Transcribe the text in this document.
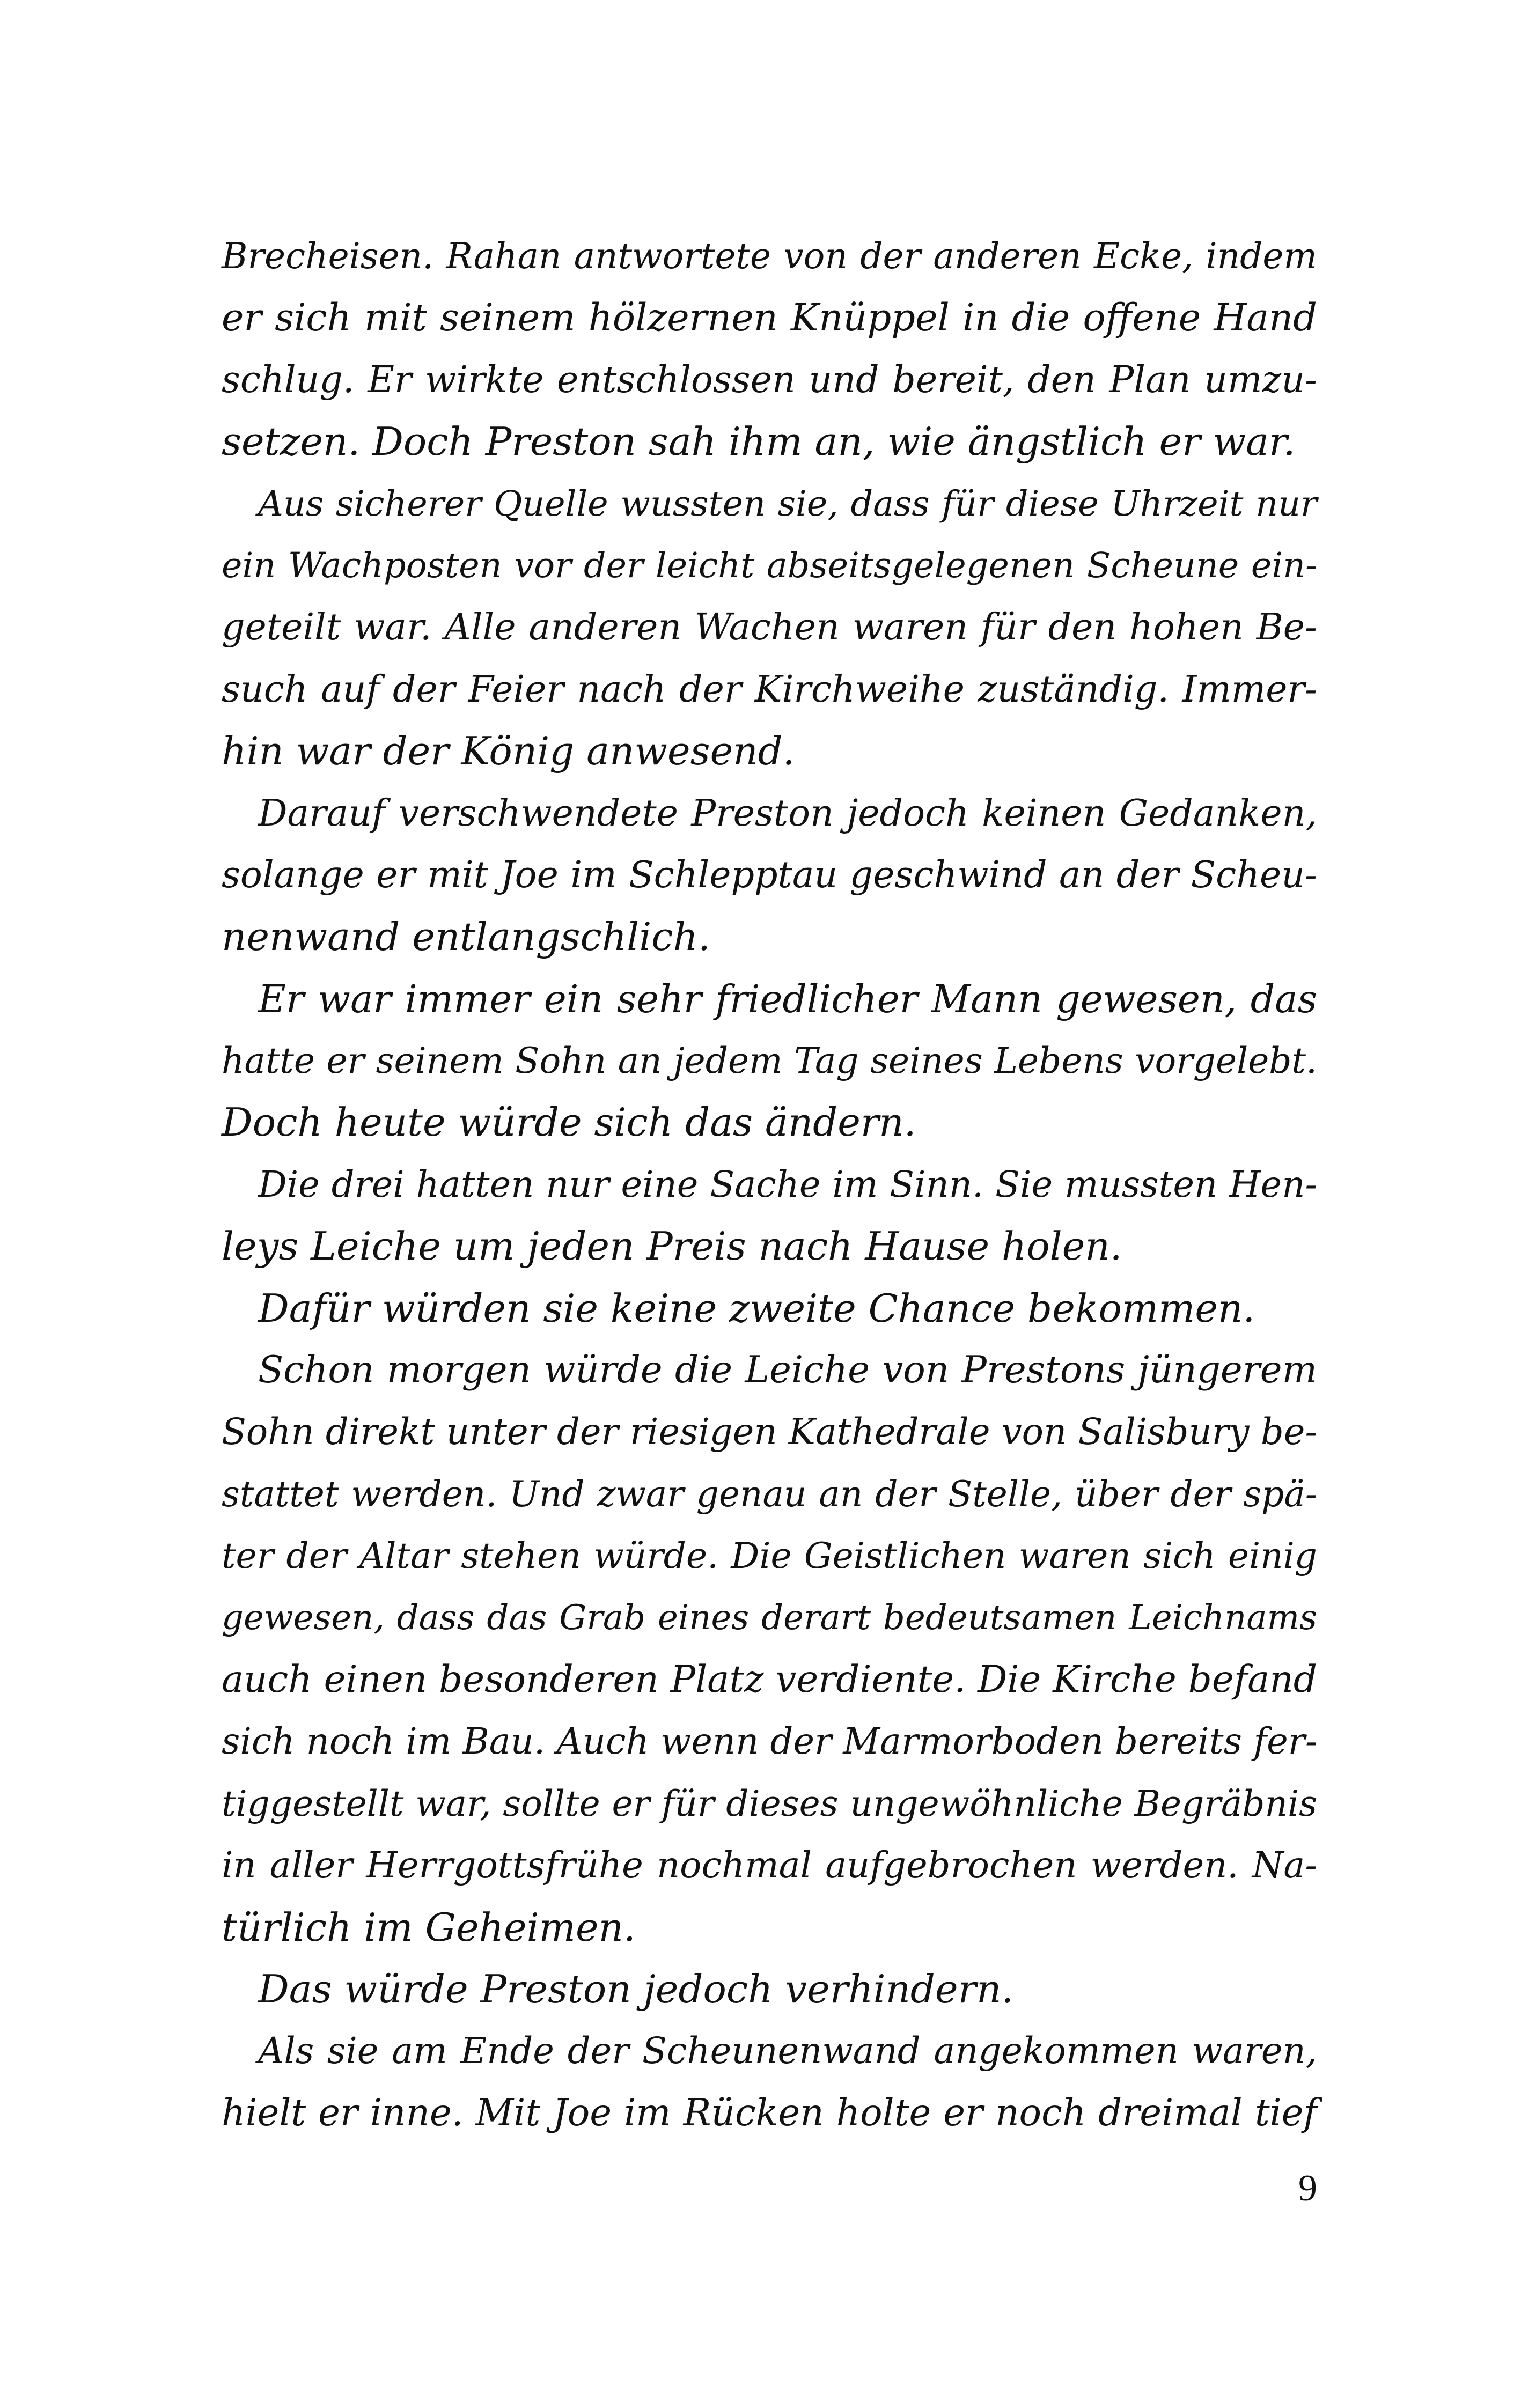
Brecheisen. Rahan antwortete von der anderen Ecke, indem
er sich mit seinem hölzernen Knüppel in die offene Hand
schlug. Er wirkte entschlossen und bereit, den Plan umzu-
setzen. Doch Preston sah ihm an, wie ängstlich er war.
Aus sicherer Quelle wussten sie, dass für diese Uhrzeit nur
ein Wachposten vor der leicht abseitsgelegenen Scheune ein-
geteilt war. Alle anderen Wachen waren für den hohen Be-
such auf der Feier nach der Kirchweihe zuständig. Immer-
hin war der König anwesend.
Darauf verschwendete Preston jedoch keinen Gedanken,
solange er mit Joe im Schlepptau geschwind an der Scheu-
nenwand entlangschlich.
Er war immer ein sehr friedlicher Mann gewesen, das
hatte er seinem Sohn an jedem Tag seines Lebens vorgelebt.
Doch heute würde sich das ändern.
Die drei hatten nur eine Sache im Sinn. Sie mussten Hen-
leys Leiche um jeden Preis nach Hause holen.
Dafür würden sie keine zweite Chance bekommen.
Schon morgen würde die Leiche von Prestons jüngerem
Sohn direkt unter der riesigen Kathedrale von Salisbury be-
stattet werden. Und zwar genau an der Stelle, über der spä-
ter der Altar stehen würde. Die Geistlichen waren sich einig
gewesen, dass das Grab eines derart bedeutsamen Leichnams
auch einen besonderen Platz verdiente. Die Kirche befand
sich noch im Bau. Auch wenn der Marmorboden bereits fer-
tiggestellt war, sollte er für dieses ungewöhnliche Begräbnis
in aller Herrgottsfrühe nochmal aufgebrochen werden. Na-
türlich im Geheimen.
Das würde Preston jedoch verhindern.
Als sie am Ende der Scheunenwand angekommen waren,
hielt er inne. Mit Joe im Rücken holte er noch dreimal tief
9
